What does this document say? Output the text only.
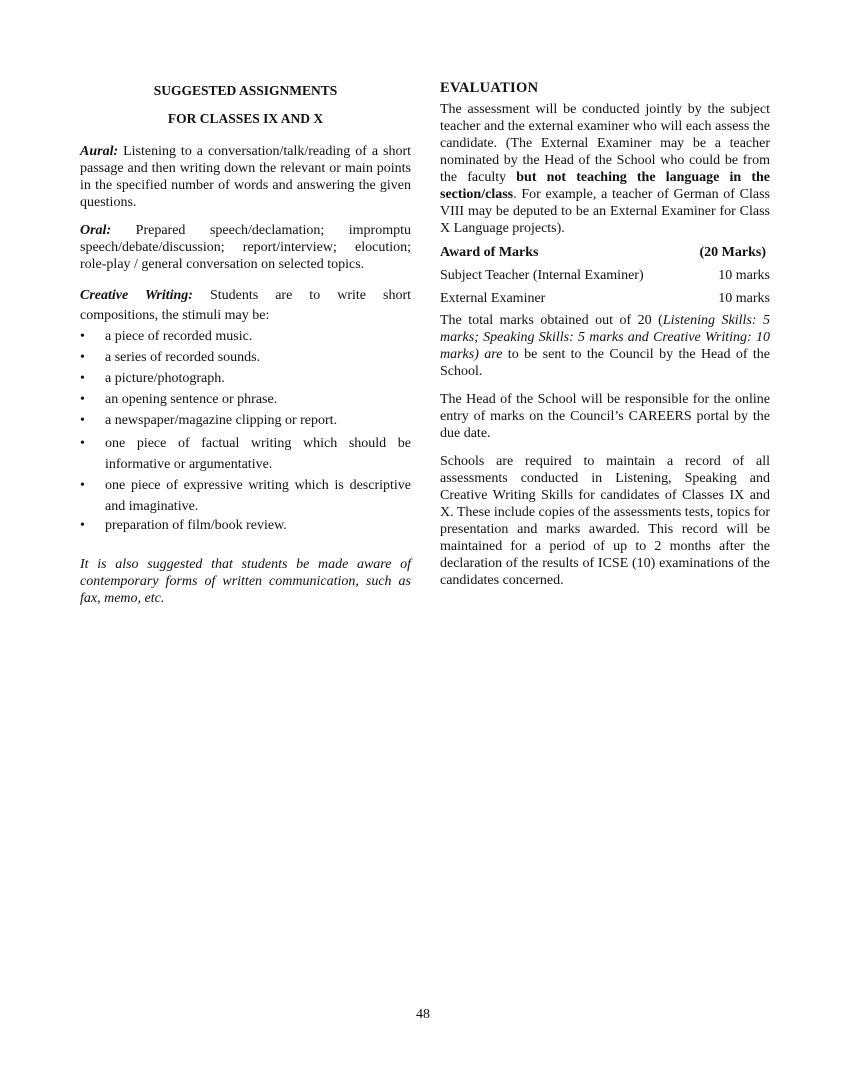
SUGGESTED ASSIGNMENTS
FOR CLASSES IX AND X

Aural: Listening to a conversation/talk/reading of a short passage and then writing down the relevant or main points in the specified number of words and answering the given questions.

Oral: Prepared speech/declamation; impromptu speech/debate/discussion; report/interview; elocution; role-play / general conversation on selected topics.

Creative Writing: Students are to write short compositions, the stimuli may be:

• a piece of recorded music.
• a series of recorded sounds.
• a picture/photograph.
• an opening sentence or phrase.
• a newspaper/magazine clipping or report.
• one piece of factual writing which should be informative or argumentative.
• one piece of expressive writing which is descriptive and imaginative.
• preparation of film/book review.

It is also suggested that students be made aware of contemporary forms of written communication, such as fax, memo, etc.

EVALUATION

The assessment will be conducted jointly by the subject teacher and the external examiner who will each assess the candidate. (The External Examiner may be a teacher nominated by the Head of the School who could be from the faculty but not teaching the language in the section/class. For example, a teacher of German of Class VIII may be deputed to be an External Examiner for Class X Language projects).

Award of Marks	(20 Marks)
Subject Teacher (Internal Examiner)	10 marks
External Examiner	10 marks

The total marks obtained out of 20 (Listening Skills: 5 marks; Speaking Skills: 5 marks and Creative Writing: 10 marks) are to be sent to the Council by the Head of the School.

The Head of the School will be responsible for the online entry of marks on the Council’s CAREERS portal by the due date.

Schools are required to maintain a record of all assessments conducted in Listening, Speaking and Creative Writing Skills for candidates of Classes IX and X. These include copies of the assessments tests, topics for presentation and marks awarded. This record will be maintained for a period of up to 2 months after the declaration of the results of ICSE (10) examinations of the candidates concerned.

48
